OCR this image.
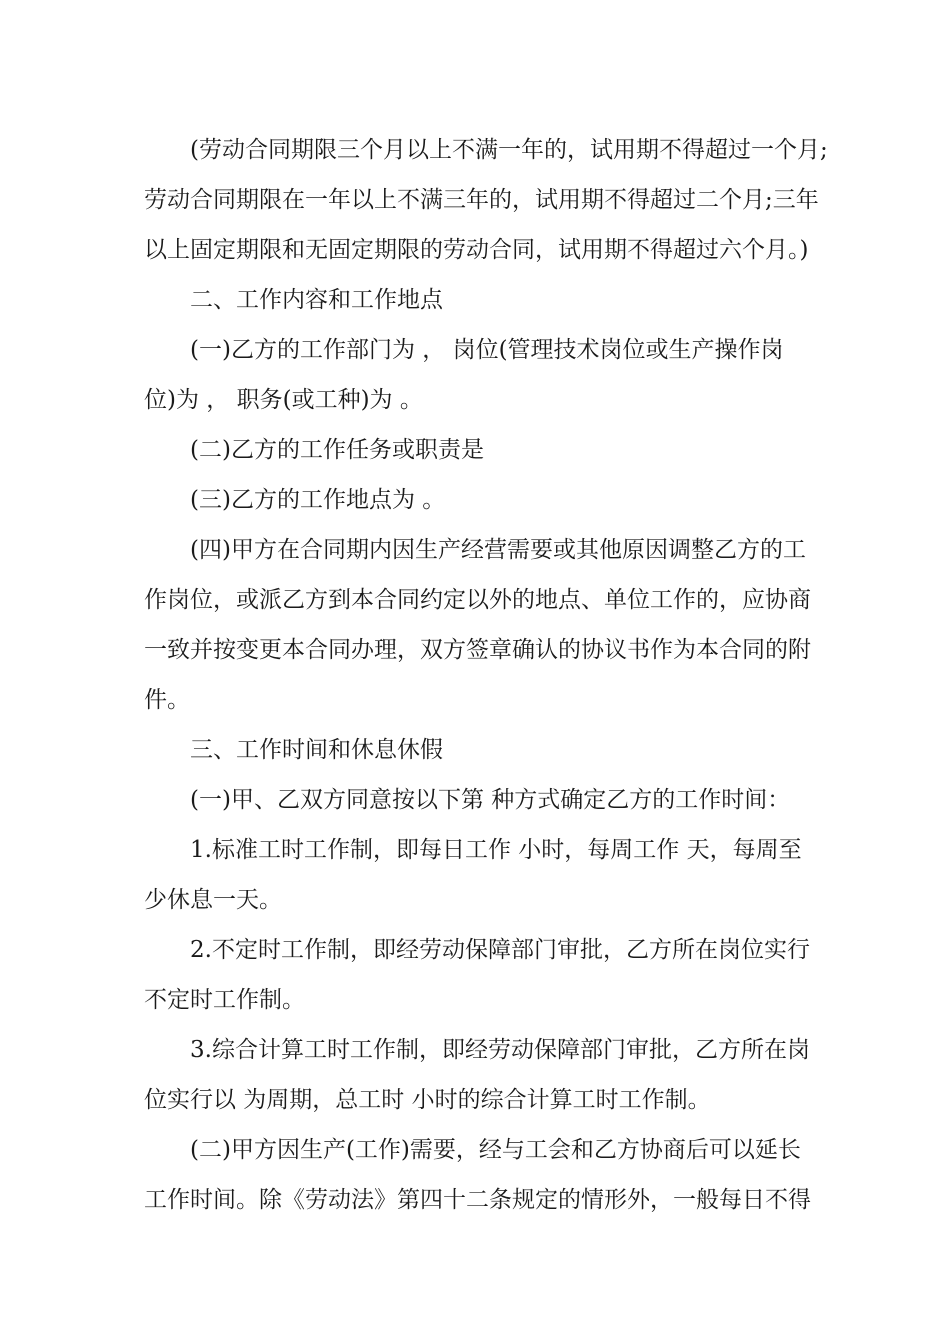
(劳动合同期限三个月以上不满一年的，试用期不得超过一个月;
劳动合同期限在一年以上不满三年的，试用期不得超过二个月;三年
以上固定期限和无固定期限的劳动合同，试用期不得超过六个月。)
二、工作内容和工作地点
(一)乙方的工作部门为 ， 岗位(管理技术岗位或生产操作岗
位)为 ， 职务(或工种)为 。
(二)乙方的工作任务或职责是
(三)乙方的工作地点为 。
(四)甲方在合同期内因生产经营需要或其他原因调整乙方的工
作岗位，或派乙方到本合同约定以外的地点、单位工作的，应协商
一致并按变更本合同办理，双方签章确认的协议书作为本合同的附
件。
三、工作时间和休息休假
(一)甲、乙双方同意按以下第 种方式确定乙方的工作时间：
1.标准工时工作制，即每日工作 小时，每周工作 天，每周至
少休息一天。
2.不定时工作制，即经劳动保障部门审批，乙方所在岗位实行
不定时工作制。
3.综合计算工时工作制，即经劳动保障部门审批，乙方所在岗
位实行以 为周期，总工时 小时的综合计算工时工作制。
(二)甲方因生产(工作)需要，经与工会和乙方协商后可以延长
工作时间。除《劳动法》第四十二条规定的情形外，一般每日不得
